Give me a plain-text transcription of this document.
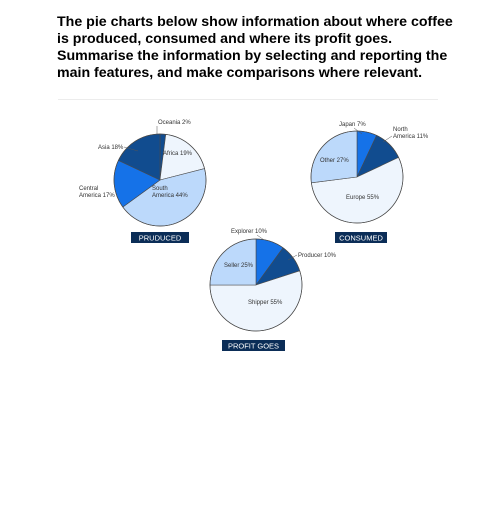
The pie charts below show information about where coffee
is produced, consumed and where its profit goes.
Summarise the information by selecting and reporting the
main features, and make comparisons where relevant.
Oceania 2%
Africa 19%
South America 44%
Central America 17%
Asia 18%
PRUDUCED
Japan 7%
North America 11%
Europe 55%
Other 27%
CONSUMED
Explorer 10%
Producer 10%
Shipper 55%
Seller 25%
PROFIT GOES
